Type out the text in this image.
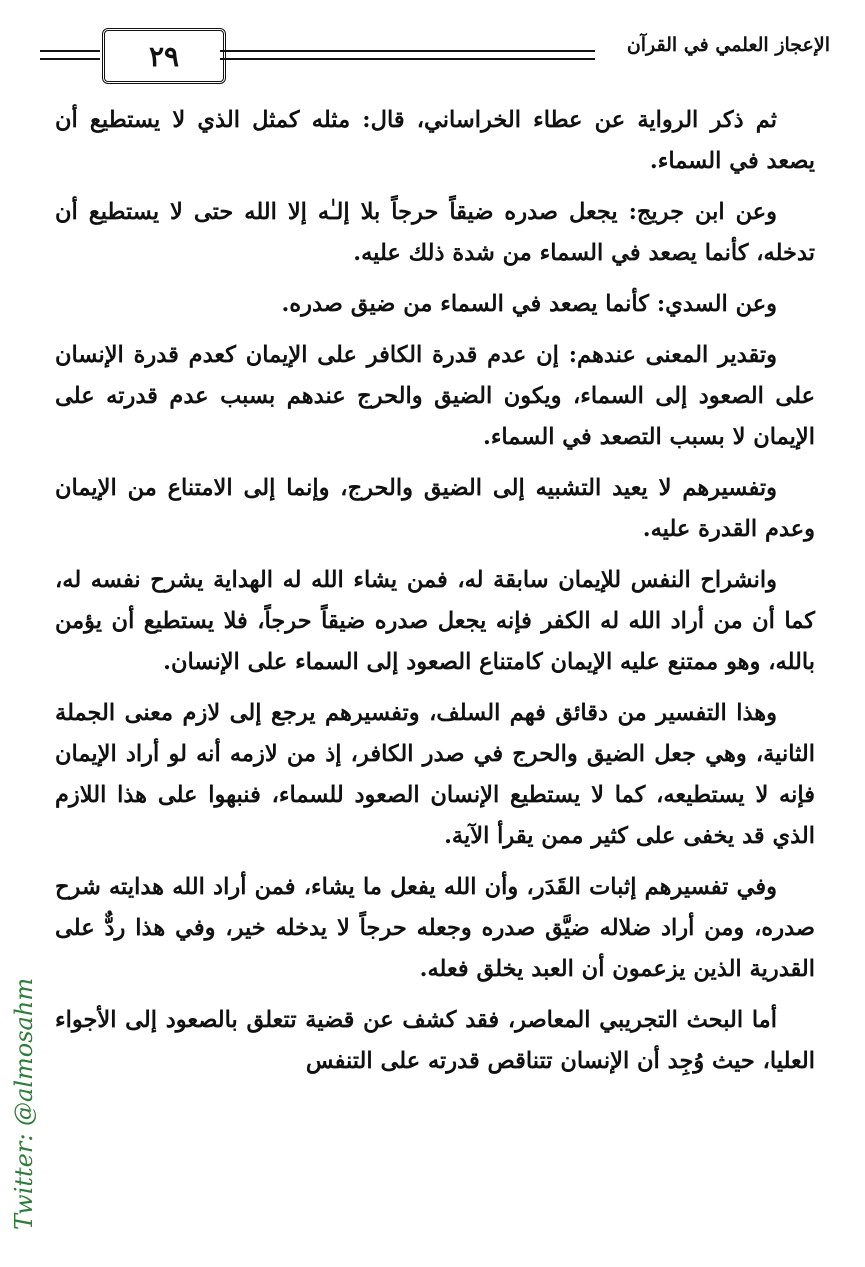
٢٩	الإعجاز العلمي في القرآن

ثم ذكر الرواية عن عطاء الخراساني، قال: مثله كمثل الذي لا يستطيع أن يصعد في السماء.

وعن ابن جريج: يجعل صدره ضيقاً حرجاً بلا إلـٰه إلا الله حتى لا يستطيع أن تدخله، كأنما يصعد في السماء من شدة ذلك عليه.

وعن السدي: كأنما يصعد في السماء من ضيق صدره.

وتقدير المعنى عندهم: إن عدم قدرة الكافر على الإيمان كعدم قدرة الإنسان على الصعود إلى السماء، ويكون الضيق والحرج عندهم بسبب عدم قدرته على الإيمان لا بسبب التصعد في السماء.

وتفسيرهم لا يعيد التشبيه إلى الضيق والحرج، وإنما إلى الامتناع من الإيمان وعدم القدرة عليه.

وانشراح النفس للإيمان سابقة له، فمن يشاء الله له الهداية يشرح نفسه له، كما أن من أراد الله له الكفر فإنه يجعل صدره ضيقاً حرجاً، فلا يستطيع أن يؤمن بالله، وهو ممتنع عليه الإيمان كامتناع الصعود إلى السماء على الإنسان.

وهذا التفسير من دقائق فهم السلف، وتفسيرهم يرجع إلى لازم معنى الجملة الثانية، وهي جعل الضيق والحرج في صدر الكافر، إذ من لازمه أنه لو أراد الإيمان فإنه لا يستطيعه، كما لا يستطيع الإنسان الصعود للسماء، فنبهوا على هذا اللازم الذي قد يخفى على كثير ممن يقرأ الآية.

وفي تفسيرهم إثبات القَدَر، وأن الله يفعل ما يشاء، فمن أراد الله هدايته شرح صدره، ومن أراد ضلاله ضيَّق صدره وجعله حرجاً لا يدخله خير، وفي هذا ردٌّ على القدرية الذين يزعمون أن العبد يخلق فعله.

أما البحث التجريبي المعاصر، فقد كشف عن قضية تتعلق بالصعود إلى الأجواء العليا، حيث وُجِد أن الإنسان تتناقص قدرته على التنفس

Twitter: @almosahm
